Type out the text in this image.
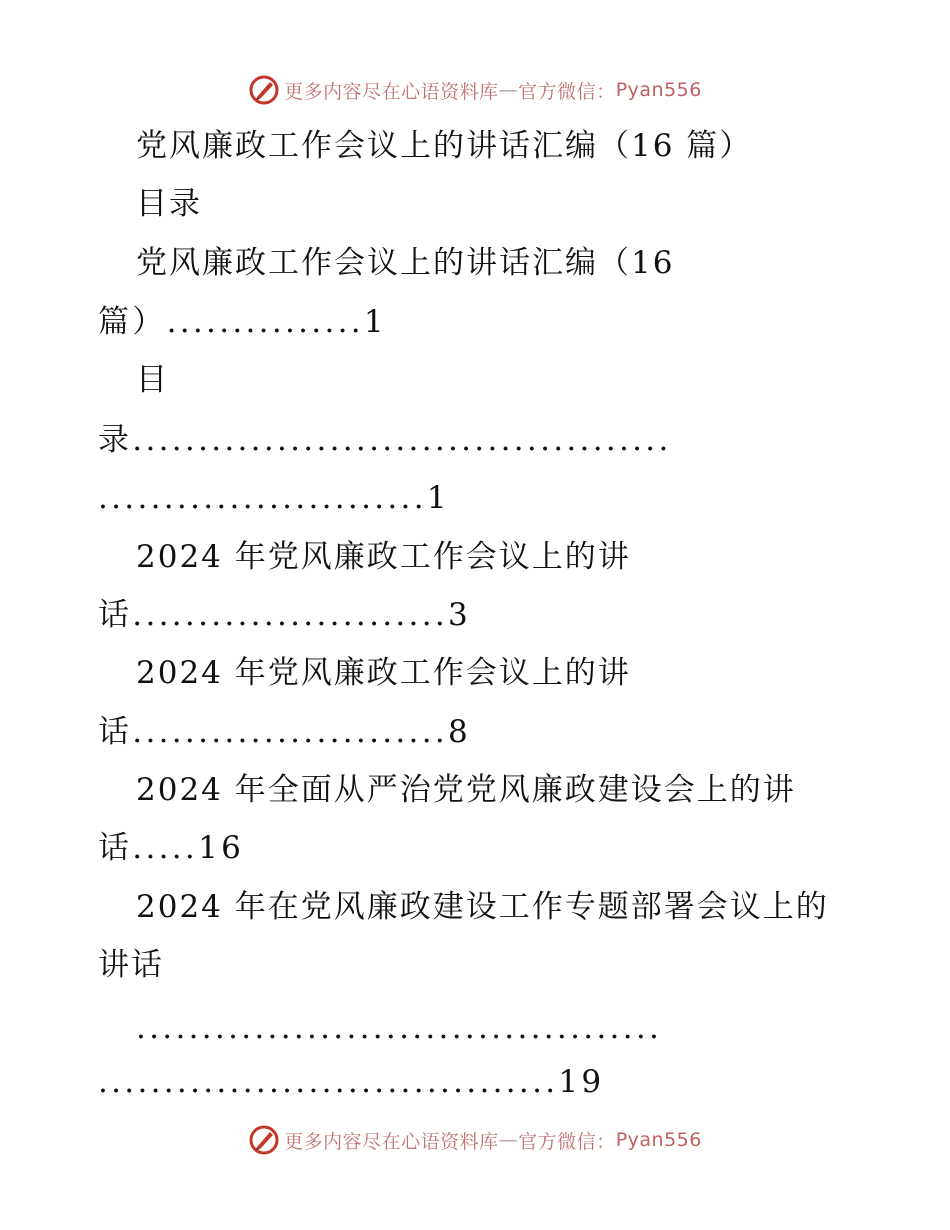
更多内容尽在心语资料库 — 官方微信： Pyan556
党风廉政工作会议上的讲话汇编（16 篇）
目录
党风廉政工作会议上的讲话汇编（16
篇）...............1
目
录.........................................
.........................1
2024 年党风廉政工作会议上的讲
话........................3
2024 年党风廉政工作会议上的讲
话........................8
2024 年全面从严治党党风廉政建设会上的讲
话.....16
2024 年在党风廉政建设工作专题部署会议上的
讲话
........................................
...................................19
更多内容尽在心语资料库 — 官方微信： Pyan556
